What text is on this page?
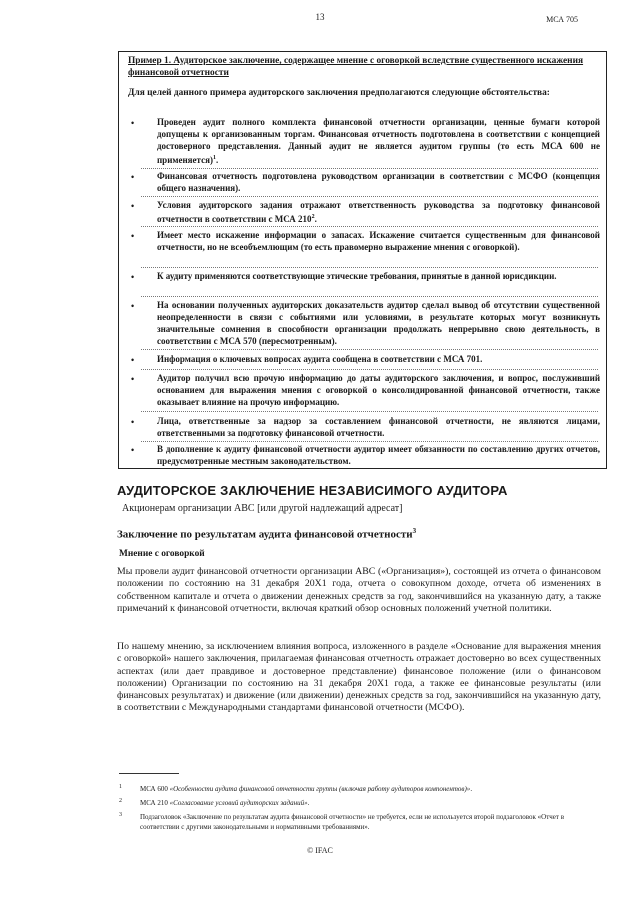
13	МСА 705
Пример 1. Аудиторское заключение, содержащее мнение с оговоркой вследствие существенного искажения финансовой отчетности
Для целей данного примера аудиторского заключения предполагаются следующие обстоятельства:
•	Проведен аудит полного комплекта финансовой отчетности организации, ценные бумаги которой допущены к организованным торгам. Финансовая отчетность подготовлена в соответствии с концепцией достоверного представления. Данный аудит не является аудитом группы (то есть МСА 600 не применяется)$^1$.
•	Финансовая отчетность подготовлена руководством организации в соответствии с МСФО (концепция общего назначения).
•	Условия аудиторского задания отражают ответственность руководства за подготовку финансовой отчетности в соответствии с МСА $210^2$.
•	Имеет место искажение информации о запасах. Искажение считается существенным для финансовой отчетности, но не всеобъемлющим (то есть правомерно выражение мнения с оговоркой).
•	К аудиту применяются соответствующие этические требования, принятые в данной юрисдикции.
•	На основании полученных аудиторских доказательств аудитор сделал вывод об отсутствии существенной неопределенности в связи с событиями или условиями, в результате которых могут возникнуть значительные сомнения в способности организации продолжать непрерывно свою деятельность, в соответствии с МСА 570 (пересмотренным).
•	Информация о ключевых вопросах аудита сообщена в соответствии с МСА 701.
•	Аудитор получил всю прочую информацию до даты аудиторского заключения, и вопрос, послуживший основанием для выражения мнения с оговоркой о консолидированной финансовой отчетности, также оказывает влияние на прочую информацию.
•	Лица, ответственные за надзор за составлением финансовой отчетности, не являются лицами, ответственными за подготовку финансовой отчетности.
•	В дополнение к аудиту финансовой отчетности аудитор имеет обязанности по составлению других отчетов, предусмотренные местным законодательством.
АУДИТОРСКОЕ ЗАКЛЮЧЕНИЕ НЕЗАВИСИМОГО АУДИТОРА
Акционерам организации АВС [или другой надлежащий адресат]
Заключение по результатам аудита финансовой отчетности$^3$
Мнение с оговоркой
Мы провели аудит финансовой отчетности организации АВС («Организация»), состоящей из отчета о финансовом положении по состоянию на 31 декабря 20Х1 года, отчета о совокупном доходе, отчета об изменениях в собственном капитале и отчета о движении денежных средств за год, закончившийся на указанную дату, а также примечаний к финансовой отчетности, включая краткий обзор основных положений учетной политики.
По нашему мнению, за исключением влияния вопроса, изложенного в разделе «Основание для выражения мнения с оговоркой» нашего заключения, прилагаемая финансовая отчетность отражает достоверно во всех существенных аспектах (или дает правдивое и достоверное представление) финансовое положение (или о финансовом положении) Организации по состоянию на 31 декабря 20Х1 года, а также ее финансовые результаты (или финансовых результатах) и движение (или движении) денежных средств за год, закончившийся на указанную дату, в соответствии с Международными стандартами финансовой отчетности (МСФО).
1	МСА 600 «Особенности аудита финансовой отчетности группы (включая работу аудиторов компонентов)».
2	МСА 210 «Согласование условий аудиторских заданий».
3	Подзаголовок «Заключение по результатам аудита финансовой отчетности» не требуется, если не используется второй подзаголовок «Отчет в соответствии с другими законодательными и нормативными требованиями».
© IFAC
